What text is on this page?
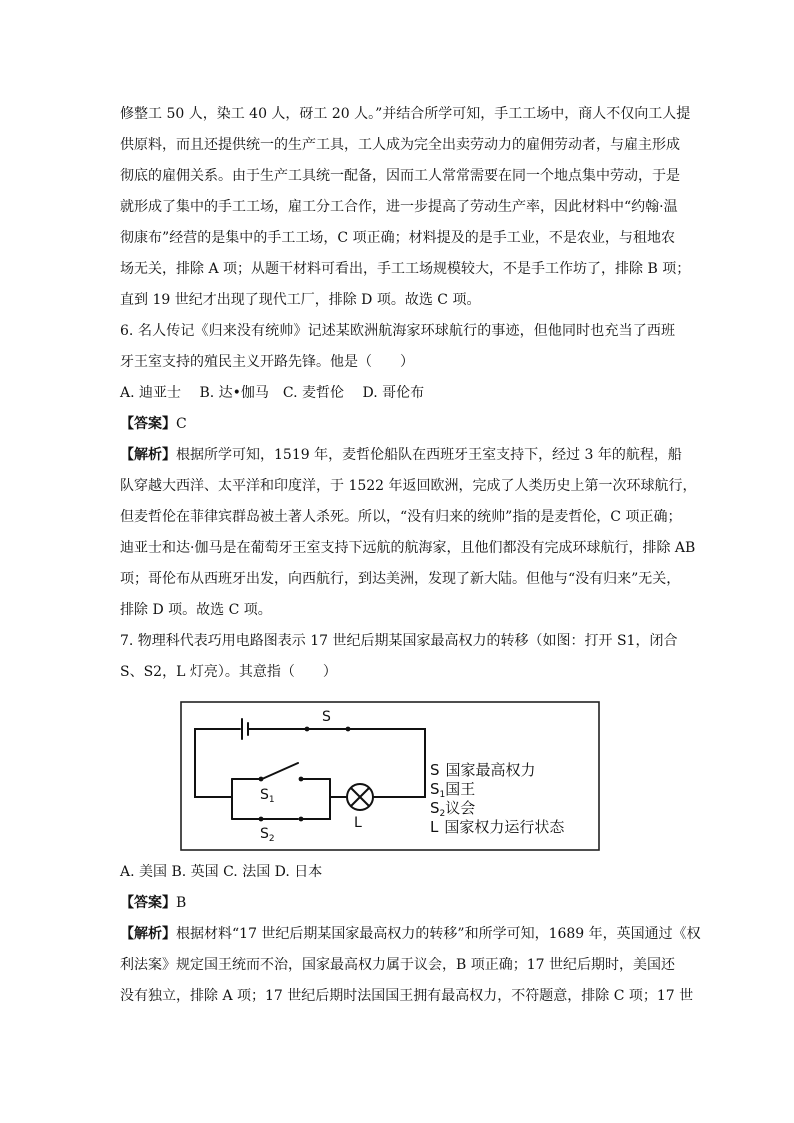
修整工 50 人，染工 40 人，砑工 20 人。”并结合所学可知，手工工场中，商人不仅向工人提
供原料，而且还提供统一的生产工具，工人成为完全出卖劳动力的雇佣劳动者，与雇主形成
彻底的雇佣关系。由于生产工具统一配备，因而工人常常需要在同一个地点集中劳动，于是
就形成了集中的手工工场，雇工分工合作，进一步提高了劳动生产率，因此材料中“约翰·温
彻康布”经营的是集中的手工工场，C 项正确；材料提及的是手工业，不是农业，与租地农
场无关，排除 A 项；从题干材料可看出，手工工场规模较大，不是手工作坊了，排除 B 项；
直到 19 世纪才出现了现代工厂，排除 D 项。故选 C 项。
6. 名人传记《归来没有统帅》记述某欧洲航海家环球航行的事迹，但他同时也充当了西班
牙王室支持的殖民主义开路先锋。他是（　　）
A. 迪亚士　 B. 达•伽马　C. 麦哲伦　 D. 哥伦布
【答案】C
【解析】根据所学可知，1519 年，麦哲伦船队在西班牙王室支持下，经过 3 年的航程，船
队穿越大西洋、太平洋和印度洋，于 1522 年返回欧洲，完成了人类历史上第一次环球航行，
但麦哲伦在菲律宾群岛被土著人杀死。所以，“没有归来的统帅”指的是麦哲伦，C 项正确；
迪亚士和达·伽马是在葡萄牙王室支持下远航的航海家，且他们都没有完成环球航行，排除 AB
项；哥伦布从西班牙出发，向西航行，到达美洲，发现了新大陆。但他与“没有归来”无关，
排除 D 项。故选 C 项。
7. 物理科代表巧用电路图表示 17 世纪后期某国家最高权力的转移（如图：打开 S1，闭合
S、S2，L 灯亮）。其意指（　　）
S
$S_1$
$S_2$
L
S 国家最高权力
$S_1$国王
$S_2$议会
L 国家权力运行状态
A. 美国 B. 英国 C. 法国 D. 日本
【答案】B
【解析】根据材料“17 世纪后期某国家最高权力的转移”和所学可知，1689 年，英国通过《权
利法案》规定国王统而不治，国家最高权力属于议会，B 项正确；17 世纪后期时，美国还
没有独立，排除 A 项；17 世纪后期时法国国王拥有最高权力，不符题意，排除 C 项；17 世
